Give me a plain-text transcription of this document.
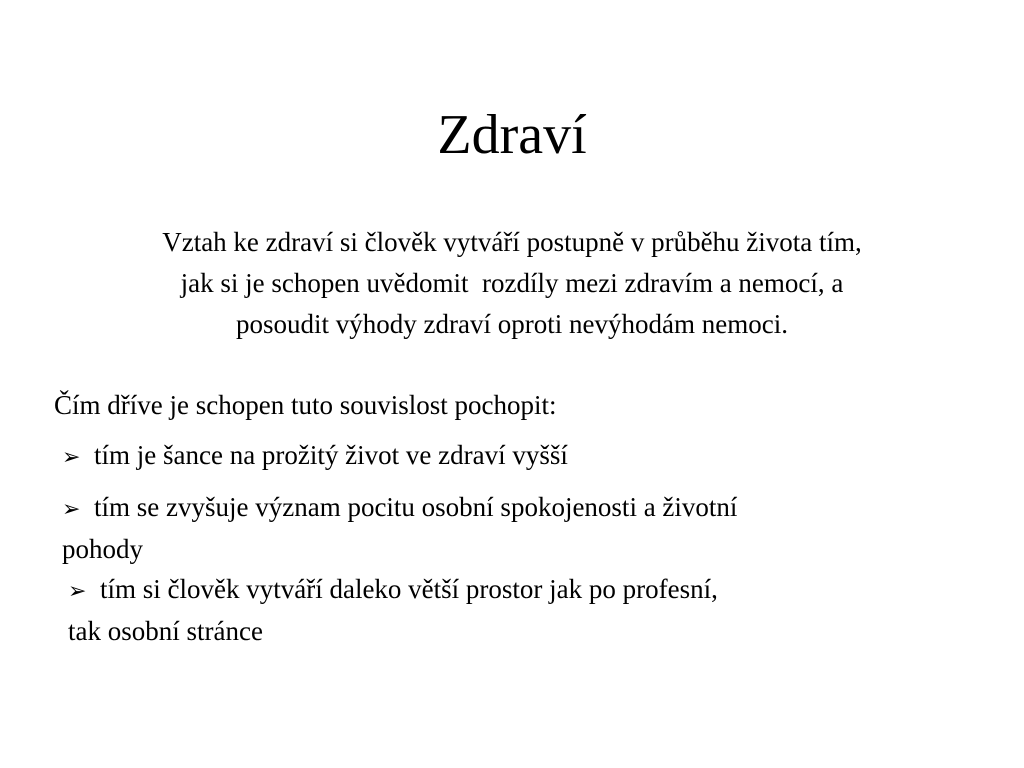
Zdraví

Vztah ke zdraví si člověk vytváří postupně v průběhu života tím,
jak si je schopen uvědomit  rozdíly mezi zdravím a nemocí, a
posoudit výhody zdraví oproti nevýhodám nemoci.

Čím dříve je schopen tuto souvislost pochopit:

➢ tím je šance na prožitý život ve zdraví vyšší

➢ tím se zvyšuje význam pocitu osobní spokojenosti a životní
pohody

➢ tím si člověk vytváří daleko větší prostor jak po profesní,
tak osobní stránce
